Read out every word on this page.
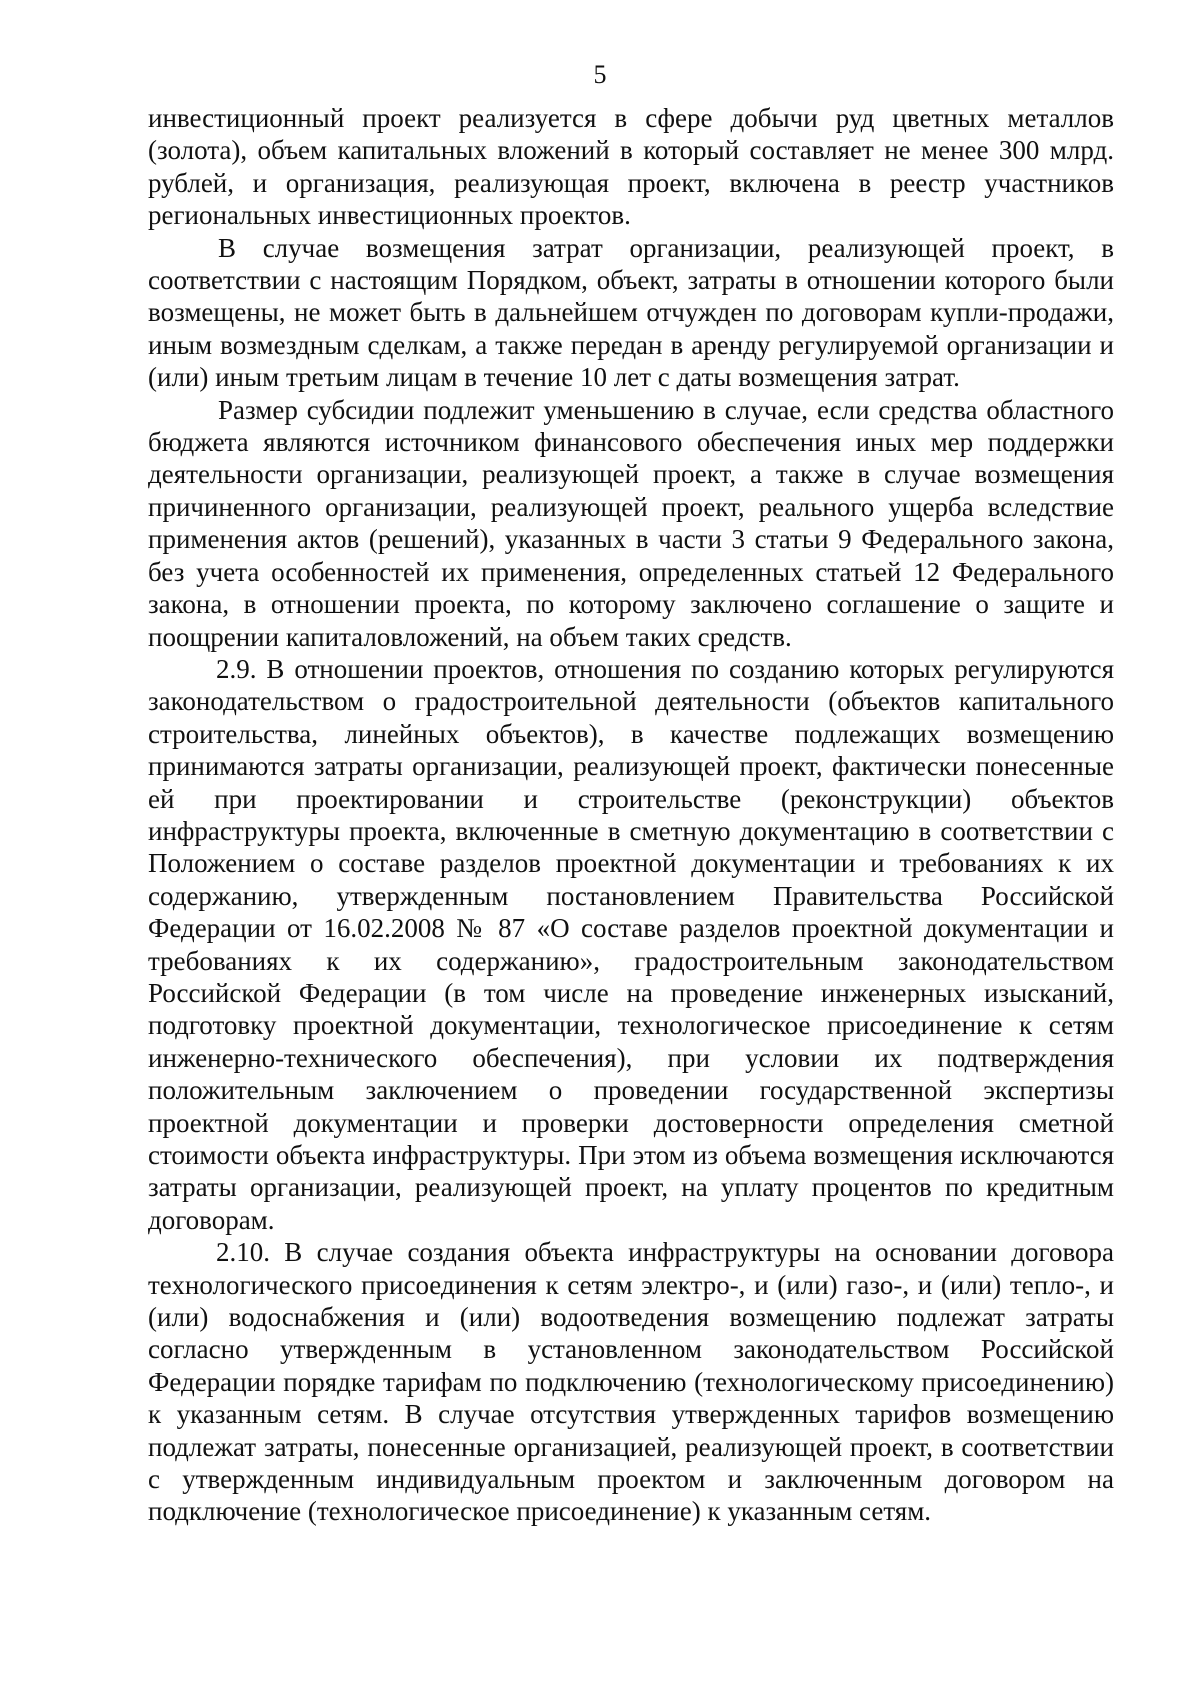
5

инвестиционный проект реализуется в сфере добычи руд цветных металлов (золота), объем капитальных вложений в который составляет не менее 300 млрд. рублей, и организация, реализующая проект, включена в реестр участников региональных инвестиционных проектов.

В случае возмещения затрат организации, реализующей проект, в соответствии с настоящим Порядком, объект, затраты в отношении которого были возмещены, не может быть в дальнейшем отчужден по договорам купли-продажи, иным возмездным сделкам, а также передан в аренду регулируемой организации и (или) иным третьим лицам в течение 10 лет с даты возмещения затрат.

Размер субсидии подлежит уменьшению в случае, если средства областного бюджета являются источником финансового обеспечения иных мер поддержки деятельности организации, реализующей проект, а также в случае возмещения причиненного организации, реализующей проект, реального ущерба вследствие применения актов (решений), указанных в части 3 статьи 9 Федерального закона, без учета особенностей их применения, определенных статьей 12 Федерального закона, в отношении проекта, по которому заключено соглашение о защите и поощрении капиталовложений, на объем таких средств.

2.9. В отношении проектов, отношения по созданию которых регулируются законодательством о градостроительной деятельности (объектов капитального строительства, линейных объектов), в качестве подлежащих возмещению принимаются затраты организации, реализующей проект, фактически понесенные ей при проектировании и строительстве (реконструкции) объектов инфраструктуры проекта, включенные в сметную документацию в соответствии с Положением о составе разделов проектной документации и требованиях к их содержанию, утвержденным постановлением Правительства Российской Федерации от 16.02.2008 № 87 «О составе разделов проектной документации и требованиях к их содержанию», градостроительным законодательством Российской Федерации (в том числе на проведение инженерных изысканий, подготовку проектной документации, технологическое присоединение к сетям инженерно-технического обеспечения), при условии их подтверждения положительным заключением о проведении государственной экспертизы проектной документации и проверки достоверности определения сметной стоимости объекта инфраструктуры. При этом из объема возмещения исключаются затраты организации, реализующей проект, на уплату процентов по кредитным договорам.

2.10. В случае создания объекта инфраструктуры на основании договора технологического присоединения к сетям электро-, и (или) газо-, и (или) тепло-, и (или) водоснабжения и (или) водоотведения возмещению подлежат затраты согласно утвержденным в установленном законодательством Российской Федерации порядке тарифам по подключению (технологическому присоединению) к указанным сетям. В случае отсутствия утвержденных тарифов возмещению подлежат затраты, понесенные организацией, реализующей проект, в соответствии с утвержденным индивидуальным проектом и заключенным договором на подключение (технологическое присоединение) к указанным сетям.
